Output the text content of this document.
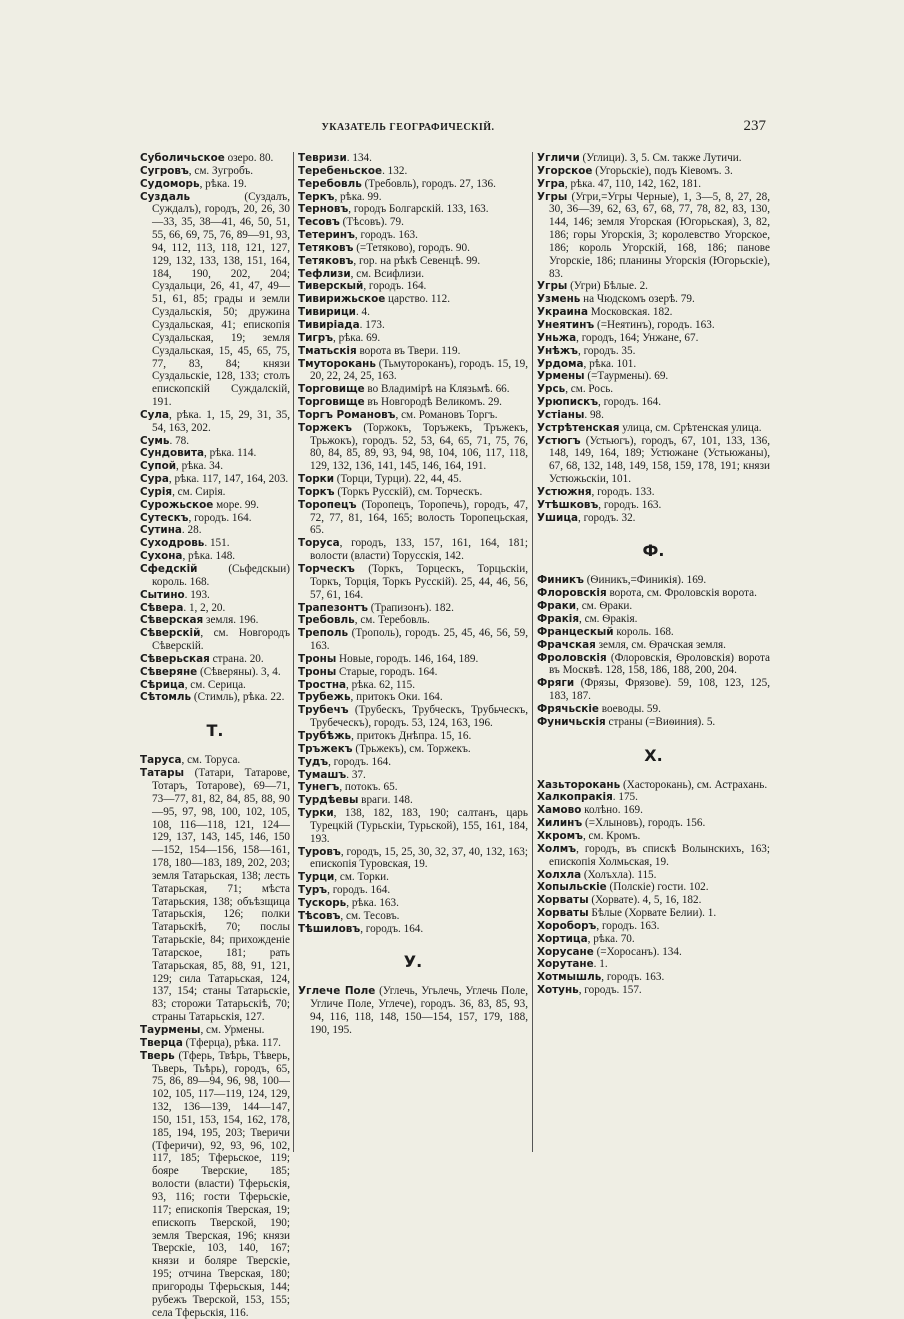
УКАЗАТЕЛЬ ГЕОГРАФИЧЕСКІЙ.	237
Суболичьское озеро. 80.
Сугровъ, см. Зугробъ.
Судоморь, рѣка. 19.
Суздаль (Суздалъ, Суждалъ), городъ, 20, 26, 30—33, 35, 38—41, 46, 50, 51, 55, 66, 69, 75, 76, 89—91, 93, 94, 112, 113, 118, 121, 127, 129, 132, 133, 138, 151, 164, 184, 190, 202, 204; Суздальци, 26, 41, 47, 49—51, 61, 85; грады и земли Суздальскія, 50; дружина Суздальская, 41; епископія Суздальская, 19; земля Суздальская, 15, 45, 65, 75, 77, 83, 84; князи Суздальскіе, 128, 133; столъ епископскій Суждалскій, 191.
Сула, рѣка. 1, 15, 29, 31, 35, 54, 163, 202.
Сумь. 78.
Сундовита, рѣка. 114.
Супой, рѣка. 34.
Сура, рѣка. 117, 147, 164, 203.
Сурія, см. Сирія.
Сурожьское море. 99.
Сутескъ, городъ. 164.
Сутина. 28.
Суходровь. 151.
Сухона, рѣка. 148.
Сфедскій (Сьфедскыи) король. 168.
Сытино. 193.
Сѣвера. 1, 2, 20.
Сѣверская земля. 196.
Сѣверскій, см. Новгородъ Сѣверскій.
Сѣверьская страна. 20.
Сѣверяне (Сѣверяны). 3, 4.
Сѣрица, см. Серица.
Сѣтомль (Стимль), рѣка. 22.
Т.
Таруса, см. Торуса.
Татары (Татари, Татарове, Тотаръ, Тотарове), 69—71, 73—77, 81, 82, 84, 85, 88, 90—95, 97, 98, 100, 102, 105, 108, 116—118, 121, 124—129, 137, 143, 145, 146, 150—152, 154—156, 158—161, 178, 180—183, 189, 202, 203; земля Татарьская, 138; лесть Татарьская, 71; мѣста Татарьския, 138; объѣзщица Татарьскія, 126; полки Татарьскіѣ, 70; послы Татарьскіе, 84; прихожденіе Татарское, 181; рать Татарьская, 85, 88, 91, 121, 129; сила Татарьская, 124, 137, 154; станы Татарьскіе, 83; сторожи Татарьскіѣ, 70; страны Татарьскія, 127.
Таурмены, см. Урмены.
Тверца (Тферца), рѣка. 117.
Тверь (Тферь, Твѣрь, Тѣверь, Тьверь, Тьѣрь), городъ, 65, 75, 86, 89—94, 96, 98, 100—102, 105, 117—119, 124, 129, 132, 136—139, 144—147, 150, 151, 153, 154, 162, 178, 185, 194, 195, 203; Тверичи (Тферичи), 92, 93, 96, 102, 117, 185; Тферьское, 119; бояре Тверские, 185; волости (власти) Тферьскія, 93, 116; гости Тферьскіе, 117; епископія Тверская, 19; епископъ Тверской, 190; земля Тверская, 196; князи Тверскіе, 103, 140, 167; князи и боляре Тверскіе, 195; отчина Тверская, 180; пригороды Тферьскыя, 144; рубежъ Тверской, 153, 155; села Тферьскія, 116.
Тевризи. 134.
Теребеньское. 132.
Теребовль (Требовль), городъ. 27, 136.
Теркъ, рѣка. 99.
Терновъ, городъ Болгарскій. 133, 163.
Тесовъ (Тѣсовъ). 79.
Тетеринъ, городъ. 163.
Тетяковъ (=Тетяково), городъ. 90.
Тетяковъ, гор. на рѣкѣ Севенцѣ. 99.
Тефлизи, см. Всифлизи.
Тиверскый, городъ. 164.
Тивирижьское царство. 112.
Тивирици. 4.
Тивиріада. 173.
Тигръ, рѣка. 69.
Тматьскія ворота въ Твери. 119.
Тмуторокань (Тьмутороканъ), городъ. 15, 19, 20, 22, 24, 25, 163.
Торговище во Владимірѣ на Клязьмѣ. 66.
Торговище въ Новгородѣ Великомъ. 29.
Торгъ Романовъ, см. Романовъ Торгъ.
Торжекъ (Торжокъ, Торъжекъ, Тръжекъ, Трьжокъ), городъ. 52, 53, 64, 65, 71, 75, 76, 80, 84, 85, 89, 93, 94, 98, 104, 106, 117, 118, 129, 132, 136, 141, 145, 146, 164, 191.
Торки (Торци, Турци). 22, 44, 45.
Торкъ (Торкъ Русскій), см. Торческъ.
Торопецъ (Торопецъ, Торопечь), городъ, 47, 72, 77, 81, 164, 165; волость Торопецьская, 65.
Торуса, городъ, 133, 157, 161, 164, 181; волости (власти) Торусскія, 142.
Торческъ (Торкъ, Торцескъ, Торцьскіи, Торкъ, Торція, Торкъ Русскій). 25, 44, 46, 56, 57, 61, 164.
Трапезонтъ (Трапизонъ). 182.
Требовль, см. Теребовль.
Треполь (Трополь), городъ. 25, 45, 46, 56, 59, 163.
Троны Новые, городъ. 146, 164, 189.
Троны Старые, городъ. 164.
Тростна, рѣка. 62, 115.
Трубежь, притокъ Оки. 164.
Трубечъ (Трубескъ, Трубческъ, Трубьческъ, Трубеческъ), городъ. 53, 124, 163, 196.
Трубѣжь, притокъ Днѣпра. 15, 16.
Тръжекъ (Трьжекъ), см. Торжекъ.
Тудъ, городъ. 164.
Тумашъ. 37.
Тунегъ, потокъ. 65.
Турдѣевы враги. 148.
Турки, 138, 182, 183, 190; салтанъ, царь Турецкій (Турьскіи, Турьской), 155, 161, 184, 193.
Туровъ, городъ, 15, 25, 30, 32, 37, 40, 132, 163; епископія Туровская, 19.
Турци, см. Торки.
Туръ, городъ. 164.
Тускорь, рѣка. 163.
Тѣсовъ, см. Тесовъ.
Тѣшиловъ, городъ. 164.
У.
Углече Поле (Углечь, Угьлечь, Углечь Поле, Угличе Поле, Углече), городъ. 36, 83, 85, 93, 94, 116, 118, 148, 150—154, 157, 179, 188, 190, 195.
Угличи (Углици). 3, 5. См. также Лутичи.
Угорское (Угорьскіе), подъ Кіевомъ. 3.
Угра, рѣка. 47, 110, 142, 162, 181.
Угры (Угри,=Угры Черные), 1, 3—5, 8, 27, 28, 30, 36—39, 62, 63, 67, 68, 77, 78, 82, 83, 130, 144, 146; земля Угорская (Югорьская), 3, 82, 186; горы Угорскія, 3; королевство Угорское, 186; король Угорскій, 168, 186; панове Угорскіе, 186; планины Угорскія (Югорьскіе), 83.
Угры (Угри) Бѣлые. 2.
Узмень на Чюдскомъ озерѣ. 79.
Украина Московская. 182.
Унеятинъ (=Неятинъ), городъ. 163.
Уньжа, городъ, 164; Унжане, 67.
Унѣжъ, городъ. 35.
Урдома, рѣка. 101.
Урмены (=Таурмены). 69.
Урсь, см. Рось.
Урюпискъ, городъ. 164.
Устіаны. 98.
Устрѣтенская улица, см. Срѣтенская улица.
Устюгъ (Устьюгъ), городъ, 67, 101, 133, 136, 148, 149, 164, 189; Устюжане (Устьюжаны), 67, 68, 132, 148, 149, 158, 159, 178, 191; князи Устюжьскіи, 101.
Устюжня, городъ. 133.
Утѣшковъ, городъ. 163.
Ушица, городъ. 32.
Ф.
Финикъ (Ѳиникъ,=Финикія). 169.
Флоровскія ворота, см. Фроловскія ворота.
Фраки, см. Ѳраки.
Фракія, см. Ѳракія.
Францескый король. 168.
Фрачская земля, см. Ѳрачская земля.
Фроловскія (Флоровскія, Ѳроловскія) ворота въ Москвѣ. 128, 158, 186, 188, 200, 204.
Фряги (Фрязы, Фрязове). 59, 108, 123, 125, 183, 187.
Фрячьскіе воеводы. 59.
Фуничьскія страны (=Виѳиния). 5.
Х.
Хазьторокань (Хасторокань), см. Астрахань.
Халкопракія. 175.
Хамово колѣно. 169.
Хилинъ (=Хлыновъ), городъ. 156.
Хкромъ, см. Кромъ.
Холмъ, городъ, въ спискѣ Волынскихъ, 163; епископія Холмьская, 19.
Холхла (Холъхла). 115.
Хопыльскіе (Полскіе) гости. 102.
Хорваты (Хорвате). 4, 5, 16, 182.
Хорваты Бѣлые (Хорвате Белии). 1.
Хороборъ, городъ. 163.
Хортица, рѣка. 70.
Хорусане (=Хоросанъ). 134.
Хорутане. 1.
Хотмышль, городъ. 163.
Хотунь, городъ. 157.
